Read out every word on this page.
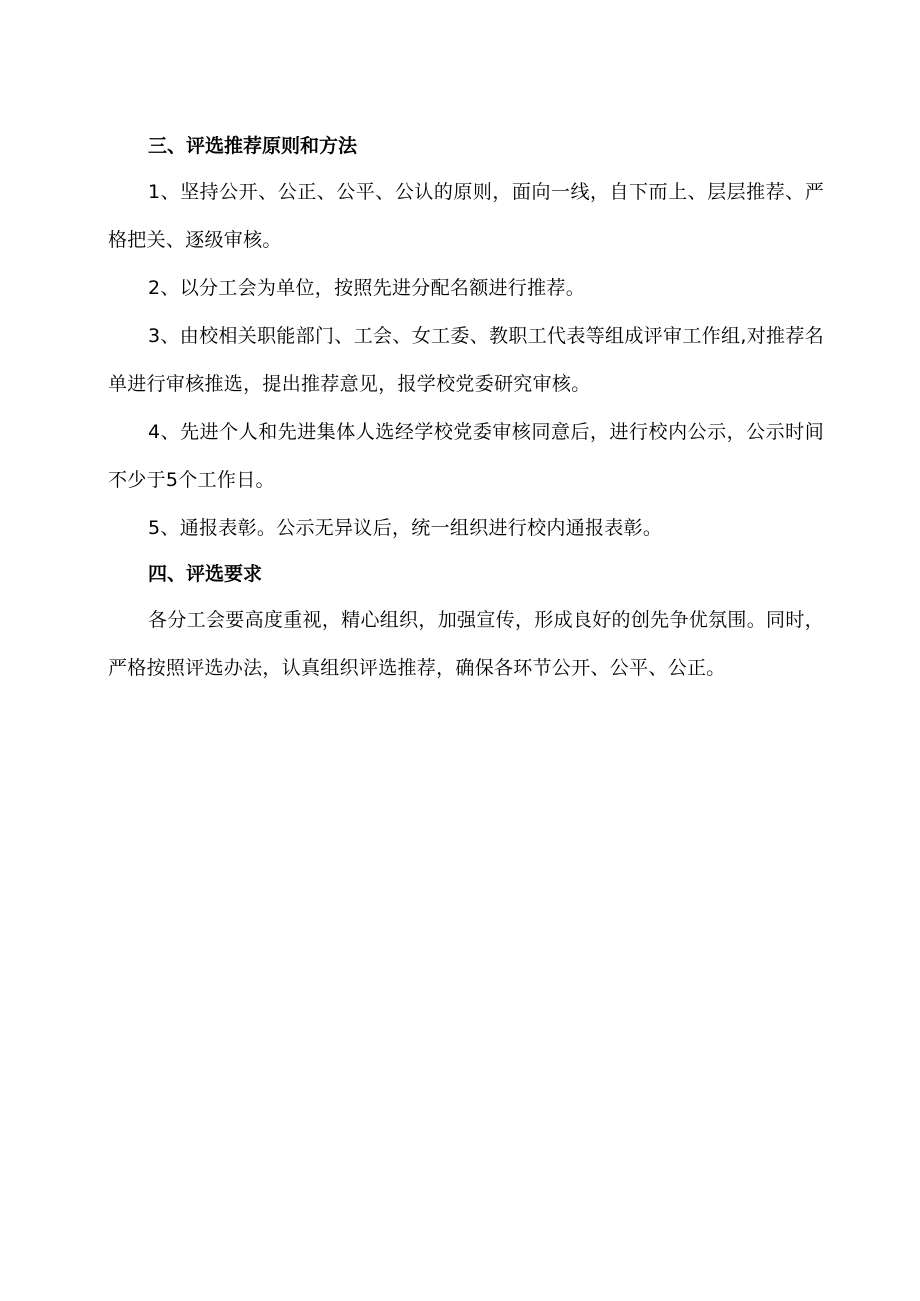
三、评选推荐原则和方法

1、坚持公开、公正、公平、公认的原则，面向一线，自下而上、层层推荐、严格把关、逐级审核。

2、以分工会为单位，按照先进分配名额进行推荐。

3、由校相关职能部门、工会、女工委、教职工代表等组成评审工作组,对推荐名单进行审核推选，提出推荐意见，报学校党委研究审核。

4、先进个人和先进集体人选经学校党委审核同意后，进行校内公示，公示时间不少于5个工作日。

5、通报表彰。公示无异议后，统一组织进行校内通报表彰。

四、评选要求

各分工会要高度重视，精心组织，加强宣传，形成良好的创先争优氛围。同时，严格按照评选办法，认真组织评选推荐，确保各环节公开、公平、公正。
